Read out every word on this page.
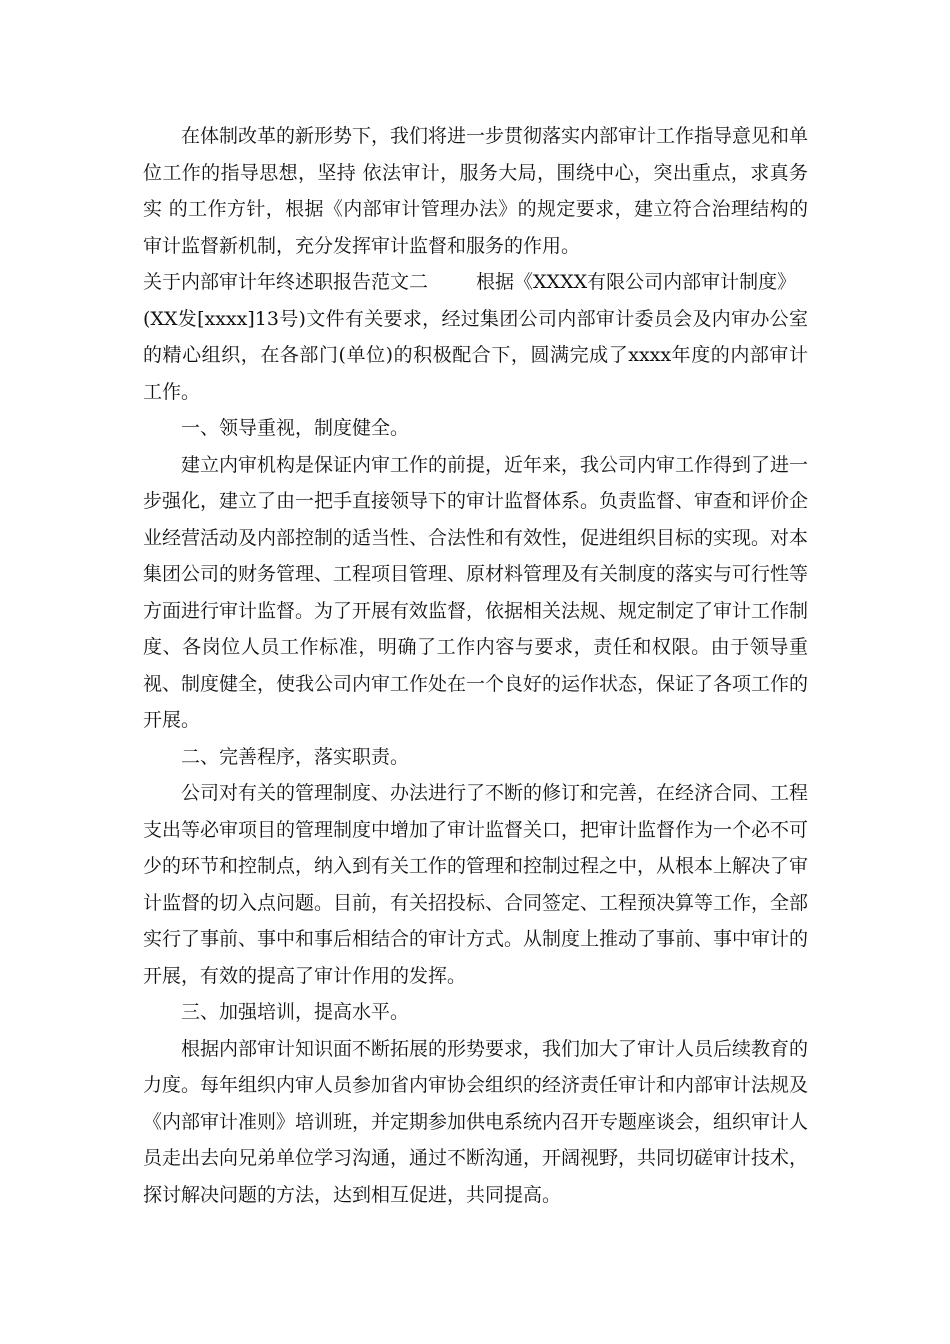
在体制改革的新形势下，我们将进一步贯彻落实内部审计工作指导意见和单位工作的指导思想，坚持 依法审计，服务大局，围绕中心，突出重点，求真务实 的工作方针，根据《内部审计管理办法》的规定要求，建立符合治理结构的审计监督新机制，充分发挥审计监督和服务的作用。

关于内部审计年终述职报告范文二	根据《XXXX有限公司内部审计制度》

(XX发[xxxx]13号)文件有关要求，经过集团公司内部审计委员会及内审办公室的精心组织，在各部门(单位)的积极配合下，圆满完成了xxxx年度的内部审计工作。

一、领导重视，制度健全。

建立内审机构是保证内审工作的前提，近年来，我公司内审工作得到了进一步强化，建立了由一把手直接领导下的审计监督体系。负责监督、审查和评价企业经营活动及内部控制的适当性、合法性和有效性，促进组织目标的实现。对本集团公司的财务管理、工程项目管理、原材料管理及有关制度的落实与可行性等方面进行审计监督。为了开展有效监督，依据相关法规、规定制定了审计工作制度、各岗位人员工作标准，明确了工作内容与要求，责任和权限。由于领导重视、制度健全，使我公司内审工作处在一个良好的运作状态，保证了各项工作的开展。

二、完善程序，落实职责。

公司对有关的管理制度、办法进行了不断的修订和完善，在经济合同、工程支出等必审项目的管理制度中增加了审计监督关口，把审计监督作为一个必不可少的环节和控制点，纳入到有关工作的管理和控制过程之中，从根本上解决了审计监督的切入点问题。目前，有关招投标、合同签定、工程预决算等工作，全部实行了事前、事中和事后相结合的审计方式。从制度上推动了事前、事中审计的开展，有效的提高了审计作用的发挥。

三、加强培训，提高水平。

根据内部审计知识面不断拓展的形势要求，我们加大了审计人员后续教育的力度。每年组织内审人员参加省内审协会组织的经济责任审计和内部审计法规及《内部审计准则》培训班，并定期参加供电系统内召开专题座谈会，组织审计人员走出去向兄弟单位学习沟通，通过不断沟通，开阔视野，共同切磋审计技术，探讨解决问题的方法，达到相互促进，共同提高。
